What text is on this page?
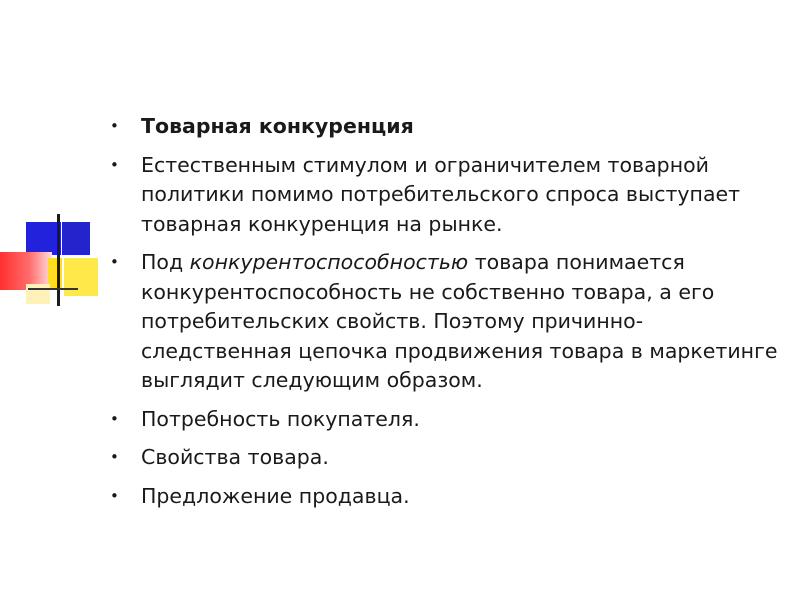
• Товарная конкуренция
• Естественным стимулом и ограничителем товарной политики помимо потребительского спроса выступает товарная конкуренция на рынке.
• Под конкурентоспособностью товара понимается конкурентоспособность не собственно товара, а его потребительских свойств. Поэтому причинно-следственная цепочка продвижения товара в маркетинге выглядит следующим образом.
• Потребность покупателя.
• Свойства товара.
• Предложение продавца.
